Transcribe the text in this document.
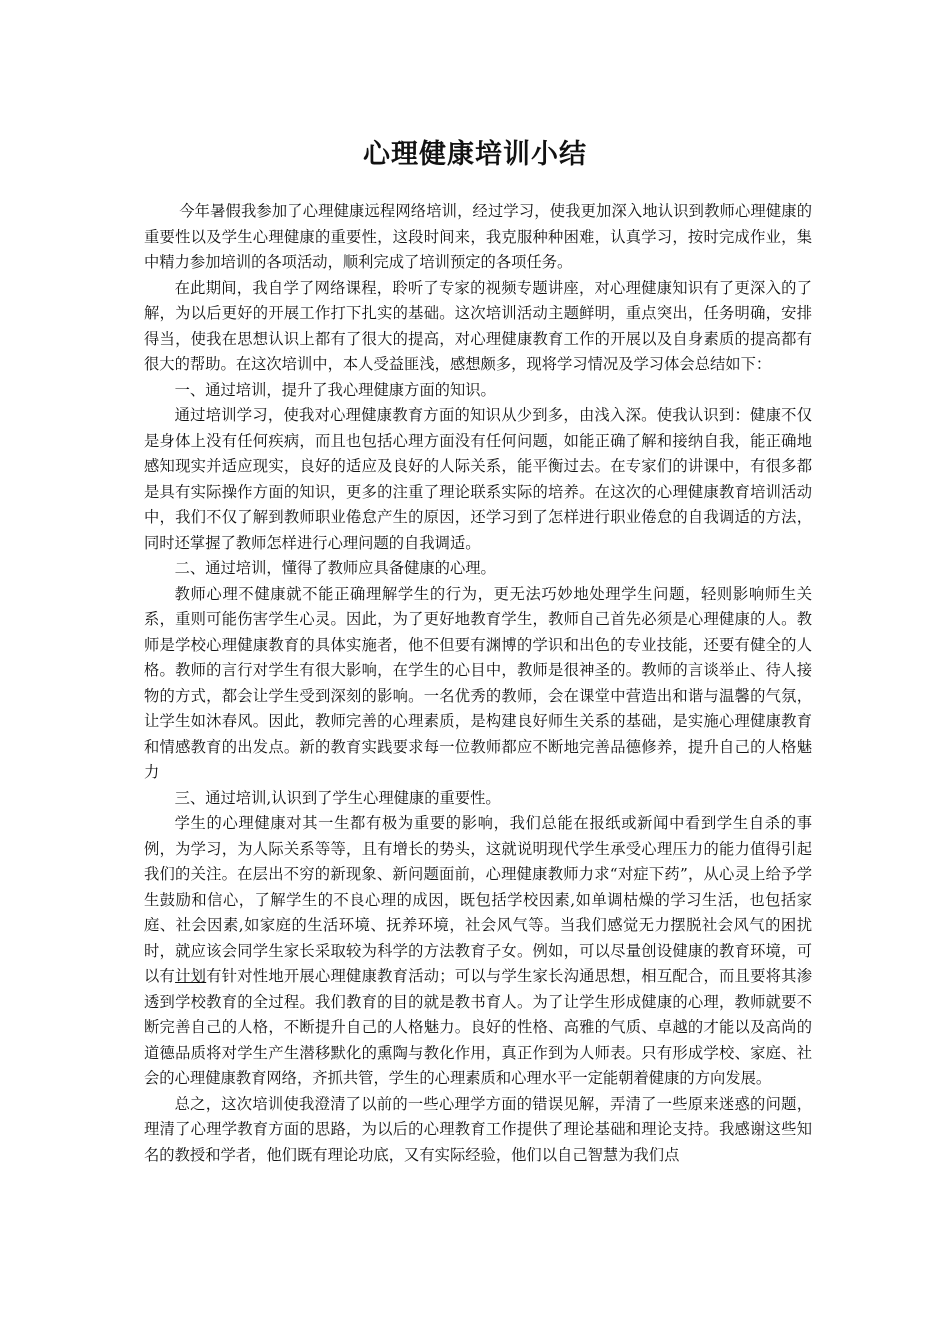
心理健康培训小结

今年暑假我参加了心理健康远程网络培训，经过学习，使我更加深入地认识到教师心理健康的重要性以及学生心理健康的重要性，这段时间来，我克服种种困难，认真学习，按时完成作业，集中精力参加培训的各项活动，顺利完成了培训预定的各项任务。

在此期间，我自学了网络课程，聆听了专家的视频专题讲座，对心理健康知识有了更深入的了解，为以后更好的开展工作打下扎实的基础。这次培训活动主题鲜明，重点突出，任务明确，安排得当，使我在思想认识上都有了很大的提高，对心理健康教育工作的开展以及自身素质的提高都有很大的帮助。在这次培训中，本人受益匪浅，感想颇多，现将学习情况及学习体会总结如下：

一、通过培训，提升了我心理健康方面的知识。

通过培训学习，使我对心理健康教育方面的知识从少到多，由浅入深。使我认识到：健康不仅是身体上没有任何疾病，而且也包括心理方面没有任何问题，如能正确了解和接纳自我，能正确地感知现实并适应现实，良好的适应及良好的人际关系，能平衡过去。在专家们的讲课中，有很多都是具有实际操作方面的知识，更多的注重了理论联系实际的培养。在这次的心理健康教育培训活动中，我们不仅了解到教师职业倦怠产生的原因，还学习到了怎样进行职业倦怠的自我调适的方法，同时还掌握了教师怎样进行心理问题的自我调适。

二、通过培训，懂得了教师应具备健康的心理。

教师心理不健康就不能正确理解学生的行为，更无法巧妙地处理学生问题，轻则影响师生关系，重则可能伤害学生心灵。因此，为了更好地教育学生，教师自己首先必须是心理健康的人。教师是学校心理健康教育的具体实施者，他不但要有渊博的学识和出色的专业技能，还要有健全的人格。教师的言行对学生有很大影响，在学生的心目中，教师是很神圣的。教师的言谈举止、待人接物的方式，都会让学生受到深刻的影响。一名优秀的教师，会在课堂中营造出和谐与温馨的气氛，让学生如沐春风。因此，教师完善的心理素质，是构建良好师生关系的基础，是实施心理健康教育和情感教育的出发点。新的教育实践要求每一位教师都应不断地完善品德修养，提升自己的人格魅力

三、通过培训,认识到了学生心理健康的重要性。

学生的心理健康对其一生都有极为重要的影响，我们总能在报纸或新闻中看到学生自杀的事例，为学习，为人际关系等等，且有增长的势头，这就说明现代学生承受心理压力的能力值得引起我们的关注。在层出不穷的新现象、新问题面前，心理健康教师力求“对症下药”，从心灵上给予学生鼓励和信心，了解学生的不良心理的成因，既包括学校因素,如单调枯燥的学习生活，也包括家庭、社会因素,如家庭的生活环境、抚养环境，社会风气等。当我们感觉无力摆脱社会风气的困扰时，就应该会同学生家长采取较为科学的方法教育子女。例如，可以尽量创设健康的教育环境，可以有计划有针对性地开展心理健康教育活动；可以与学生家长沟通思想，相互配合，而且要将其渗透到学校教育的全过程。我们教育的目的就是教书育人。为了让学生形成健康的心理，教师就要不断完善自己的人格，不断提升自己的人格魅力。良好的性格、高雅的气质、卓越的才能以及高尚的道德品质将对学生产生潜移默化的熏陶与教化作用，真正作到为人师表。只有形成学校、家庭、社会的心理健康教育网络，齐抓共管，学生的心理素质和心理水平一定能朝着健康的方向发展。

总之，这次培训使我澄清了以前的一些心理学方面的错误见解，弄清了一些原来迷惑的问题，理清了心理学教育方面的思路，为以后的心理教育工作提供了理论基础和理论支持。我感谢这些知名的教授和学者，他们既有理论功底，又有实际经验，他们以自己智慧为我们点
